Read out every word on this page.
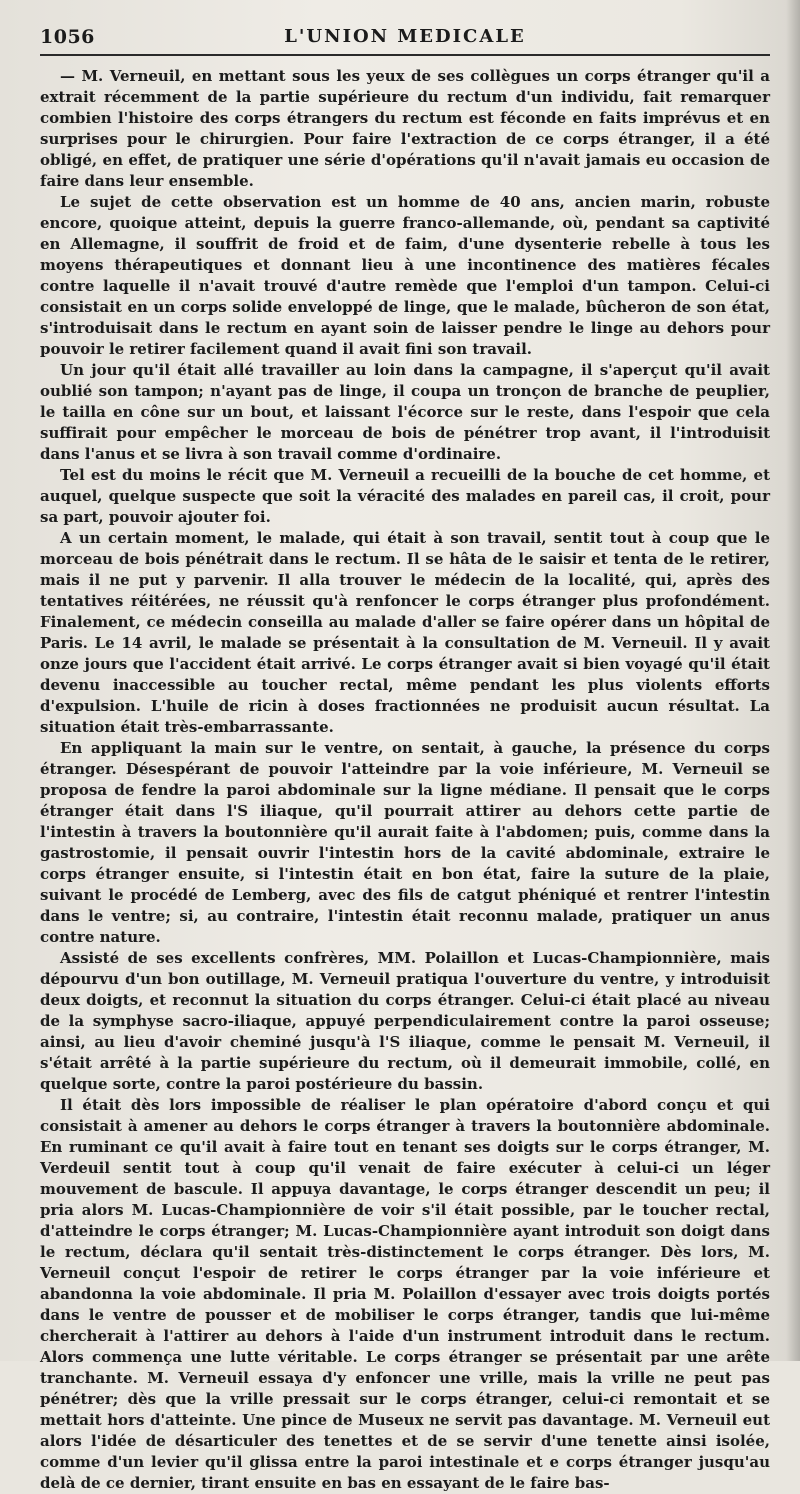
1056	L'UNION MEDICALE

— M. Verneuil, en mettant sous les yeux de ses collègues un corps étranger qu'il a extrait récemment de la partie supérieure du rectum d'un individu, fait remarquer combien l'histoire des corps étrangers du rectum est féconde en faits imprévus et en surprises pour le chirurgien. Pour faire l'extraction de ce corps étranger, il a été obligé, en effet, de pratiquer une série d'opérations qu'il n'avait jamais eu occasion de faire dans leur ensemble.

Le sujet de cette observation est un homme de 40 ans, ancien marin, robuste encore, quoique atteint, depuis la guerre franco-allemande, où, pendant sa captivité en Allemagne, il souffrit de froid et de faim, d'une dysenterie rebelle à tous les moyens thérapeutiques et donnant lieu à une incontinence des matières fécales contre laquelle il n'avait trouvé d'autre remède que l'emploi d'un tampon. Celui-ci consistait en un corps solide enveloppé de linge, que le malade, bûcheron de son état, s'introduisait dans le rectum en ayant soin de laisser pendre le linge au dehors pour pouvoir le retirer facilement quand il avait fini son travail.

Un jour qu'il était allé travailler au loin dans la campagne, il s'aperçut qu'il avait oublié son tampon; n'ayant pas de linge, il coupa un tronçon de branche de peuplier, le tailla en cône sur un bout, et laissant l'écorce sur le reste, dans l'espoir que cela suffirait pour empêcher le morceau de bois de pénétrer trop avant, il l'introduisit dans l'anus et se livra à son travail comme d'ordinaire.

Tel est du moins le récit que M. Verneuil a recueilli de la bouche de cet homme, et auquel, quelque suspecte que soit la véracité des malades en pareil cas, il croit, pour sa part, pouvoir ajouter foi.

A un certain moment, le malade, qui était à son travail, sentit tout à coup que le morceau de bois pénétrait dans le rectum. Il se hâta de le saisir et tenta de le retirer, mais il ne put y parvenir. Il alla trouver le médecin de la localité, qui, après des tentatives réitérées, ne réussit qu'à renfoncer le corps étranger plus profondément. Finalement, ce médecin conseilla au malade d'aller se faire opérer dans un hôpital de Paris. Le 14 avril, le malade se présentait à la consultation de M. Verneuil. Il y avait onze jours que l'accident était arrivé. Le corps étranger avait si bien voyagé qu'il était devenu inaccessible au toucher rectal, même pendant les plus violents efforts d'expulsion. L'huile de ricin à doses fractionnées ne produisit aucun résultat. La situation était très-embarrassante.

En appliquant la main sur le ventre, on sentait, à gauche, la présence du corps étranger. Désespérant de pouvoir l'atteindre par la voie inférieure, M. Verneuil se proposa de fendre la paroi abdominale sur la ligne médiane. Il pensait que le corps étranger était dans l'S iliaque, qu'il pourrait attirer au dehors cette partie de l'intestin à travers la boutonnière qu'il aurait faite à l'abdomen; puis, comme dans la gastrostomie, il pensait ouvrir l'intestin hors de la cavité abdominale, extraire le corps étranger ensuite, si l'intestin était en bon état, faire la suture de la plaie, suivant le procédé de Lemberg, avec des fils de catgut phéniqué et rentrer l'intestin dans le ventre; si, au contraire, l'intestin était reconnu malade, pratiquer un anus contre nature.

Assisté de ses excellents confrères, MM. Polaillon et Lucas-Championnière, mais dépourvu d'un bon outillage, M. Verneuil pratiqua l'ouverture du ventre, y introduisit deux doigts, et reconnut la situation du corps étranger. Celui-ci était placé au niveau de la symphyse sacro-iliaque, appuyé perpendiculairement contre la paroi osseuse; ainsi, au lieu d'avoir cheminé jusqu'à l'S iliaque, comme le pensait M. Verneuil, il s'était arrêté à la partie supérieure du rectum, où il demeurait immobile, collé, en quelque sorte, contre la paroi postérieure du bassin.

Il était dès lors impossible de réaliser le plan opératoire d'abord conçu et qui consistait à amener au dehors le corps étranger à travers la boutonnière abdominale. En ruminant ce qu'il avait à faire tout en tenant ses doigts sur le corps étranger, M. Verdeuil sentit tout à coup qu'il venait de faire exécuter à celui-ci un léger mouvement de bascule. Il appuya davantage, le corps étranger descendit un peu; il pria alors M. Lucas-Championnière de voir s'il était possible, par le toucher rectal, d'atteindre le corps étranger; M. Lucas-Championnière ayant introduit son doigt dans le rectum, déclara qu'il sentait très-distinctement le corps étranger. Dès lors, M. Verneuil conçut l'espoir de retirer le corps étranger par la voie inférieure et abandonna la voie abdominale. Il pria M. Polaillon d'essayer avec trois doigts portés dans le ventre de pousser et de mobiliser le corps étranger, tandis que lui-même chercherait à l'attirer au dehors à l'aide d'un instrument introduit dans le rectum. Alors commença une lutte véritable. Le corps étranger se présentait par une arête tranchante. M. Verneuil essaya d'y enfoncer une vrille, mais la vrille ne peut pas pénétrer; dès que la vrille pressait sur le corps étranger, celui-ci remontait et se mettait hors d'atteinte. Une pince de Museux ne servit pas davantage. M. Verneuil eut alors l'idée de désarticuler des tenettes et de se servir d'une tenette ainsi isolée, comme d'un levier qu'il glissa entre la paroi intestinale et e corps étranger jusqu'au delà de ce dernier, tirant ensuite en bas en essayant de le faire bas-
